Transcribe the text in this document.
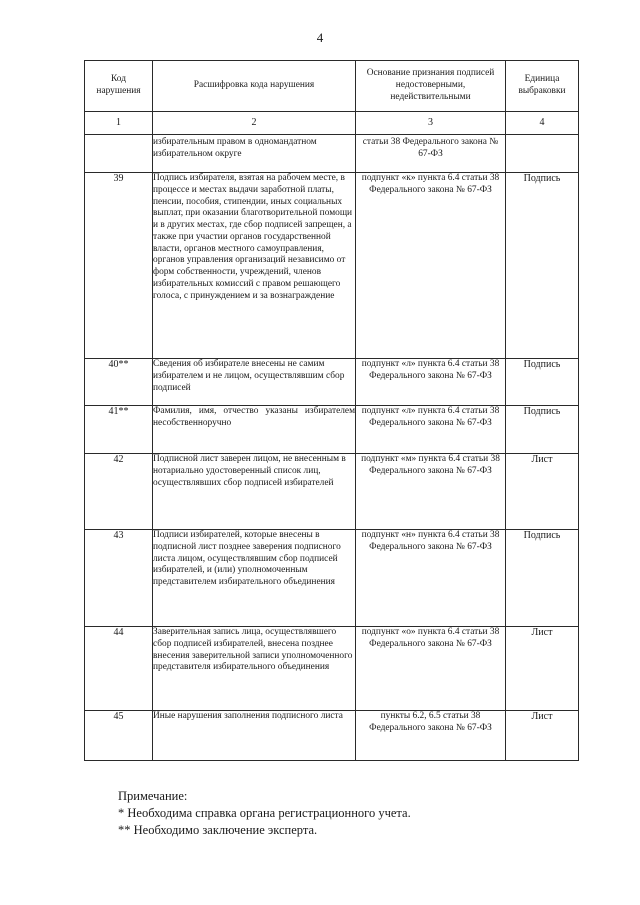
4
Код нарушения	Расшифровка кода нарушения	Основание признания подписей недостоверными, недействительными	Единица выбраковки
1	2	3	4
	избирательным правом в одномандатном избирательном округе	статьи 38 Федерального закона № 67-ФЗ	
39	Подпись избирателя, взятая на рабочем месте, в процессе и местах выдачи заработной платы, пенсии, пособия, стипендии, иных социальных выплат, при оказании благотворительной помощи и в других местах, где сбор подписей запрещен, а также при участии органов государственной власти, органов местного самоуправления, органов управления организаций независимо от форм собственности, учреждений, членов избирательных комиссий с правом решающего голоса, с принуждением и за вознаграждение	подпункт «к» пункта 6.4 статьи 38 Федерального закона № 67-ФЗ	Подпись
40**	Сведения об избирателе внесены не самим избирателем и не лицом, осуществлявшим сбор подписей	подпункт «л» пункта 6.4 статьи 38 Федерального закона № 67-ФЗ	Подпись
41**	Фамилия, имя, отчество указаны избирателем несобственноручно	подпункт «л» пункта 6.4 статьи 38 Федерального закона № 67-ФЗ	Подпись
42	Подписной лист заверен лицом, не внесенным в нотариально удостоверенный список лиц, осуществлявших сбор подписей избирателей	подпункт «м» пункта 6.4 статьи 38 Федерального закона № 67-ФЗ	Лист
43	Подписи избирателей, которые внесены в подписной лист позднее заверения подписного листа лицом, осуществлявшим сбор подписей избирателей, и (или) уполномоченным представителем избирательного объединения	подпункт «н» пункта 6.4 статьи 38 Федерального закона № 67-ФЗ	Подпись
44	Заверительная запись лица, осуществлявшего сбор подписей избирателей, внесена позднее внесения заверительной записи уполномоченного представителя избирательного объединения	подпункт «о» пункта 6.4 статьи 38 Федерального закона № 67-ФЗ	Лист
45	Иные нарушения заполнения подписного листа	пункты 6.2, 6.5 статьи 38 Федерального закона № 67-ФЗ	Лист
Примечание:
* Необходима справка органа регистрационного учета.
** Необходимо заключение эксперта.
